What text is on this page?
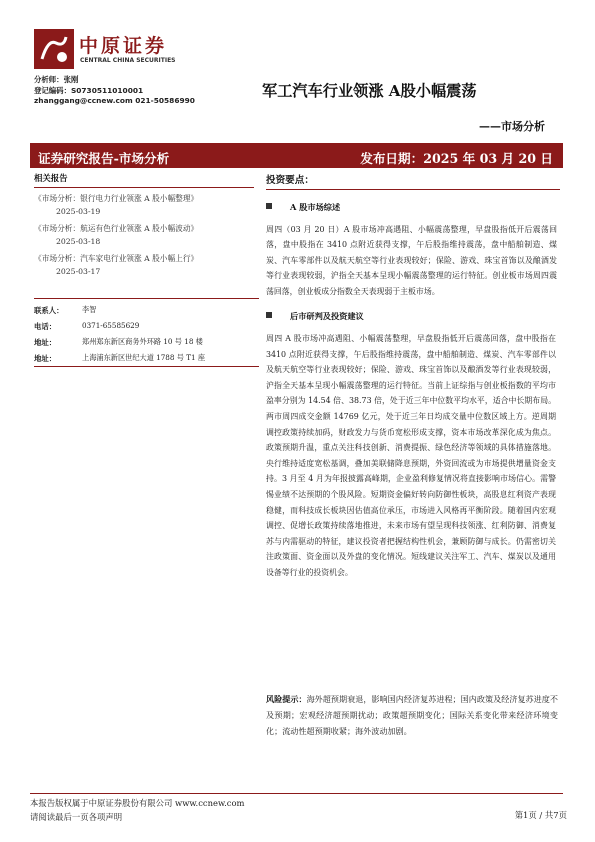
中原证券
CENTRAL CHINA SECURITIES
分析师：张刚
登记编码：S0730511010001
zhanggang@ccnew.com 021-50586990
军工汽车行业领涨 A股小幅震荡
——市场分析
证券研究报告-市场分析	发布日期：2025 年 03 月 20 日
相关报告
《市场分析：银行电力行业领涨 A 股小幅整理》
2025-03-19
《市场分析：航运有色行业领涨 A 股小幅波动》
2025-03-18
《市场分析：汽车家电行业领涨 A 股小幅上行》
2025-03-17
联系人：	李智
电话：	0371-65585629
地址：	郑州郑东新区商务外环路 10 号 18 楼
地址：	上海浦东新区世纪大道 1788 号 T1 座
投资要点：
A 股市场综述
周四（03 月 20 日）A 股市场冲高遇阻、小幅震荡整理，早盘股指低开后震荡回落，盘中股指在 3410 点附近获得支撑，午后股指维持震荡，盘中船舶制造、煤炭、汽车零部件以及航天航空等行业表现较好；保险、游戏、珠宝首饰以及酿酒发等行业表现较弱，沪指全天基本呈现小幅震荡整理的运行特征。创业板市场周四震荡回落，创业板成分指数全天表现弱于主板市场。
后市研判及投资建议
周四 A 股市场冲高遇阻、小幅震荡整理，早盘股指低开后震荡回落，盘中股指在 3410 点附近获得支撑，午后股指维持震荡，盘中船舶制造、煤炭、汽车零部件以及航天航空等行业表现较好；保险、游戏、珠宝首饰以及酿酒发等行业表现较弱，沪指全天基本呈现小幅震荡整理的运行特征。当前上证综指与创业板指数的平均市盈率分别为 14.54 倍、38.73 倍，处于近三年中位数平均水平，适合中长期布局。两市周四成交金额 14769 亿元，处于近三年日均成交量中位数区域上方。逆周期调控政策持续加码，财政发力与货币宽松形成支撑，资本市场改革深化成为焦点。政策预期升温，重点关注科技创新、消费提振、绿色经济等领域的具体措施落地。央行维持适度宽松基调，叠加美联储降息预期，外资回流或为市场提供增量资金支持。3 月至 4 月为年报披露高峰期，企业盈利修复情况将直接影响市场信心。需警惕业绩不达预期的个股风险。短期资金偏好转向防御性板块，高股息红利资产表现稳健，而科技成长板块因估值高位承压，市场进入风格再平衡阶段。随着国内宏观调控、促增长政策持续落地推进，未来市场有望呈现科技领涨、红利防御、消费复苏与内需驱动的特征，建议投资者把握结构性机会，兼顾防御与成长。仍需密切关注政策面、资金面以及外盘的变化情况。短线建议关注军工、汽车、煤炭以及通用设备等行业的投资机会。
风险提示：海外超预期衰退，影响国内经济复苏进程；国内政策及经济复苏进度不及预期；宏观经济超预期扰动；政策超预期变化；国际关系变化带来经济环境变化；流动性超预期收紧；海外波动加剧。
本报告版权属于中原证券股份有限公司 www.ccnew.com
请阅读最后一页各项声明	第1页 / 共7页
